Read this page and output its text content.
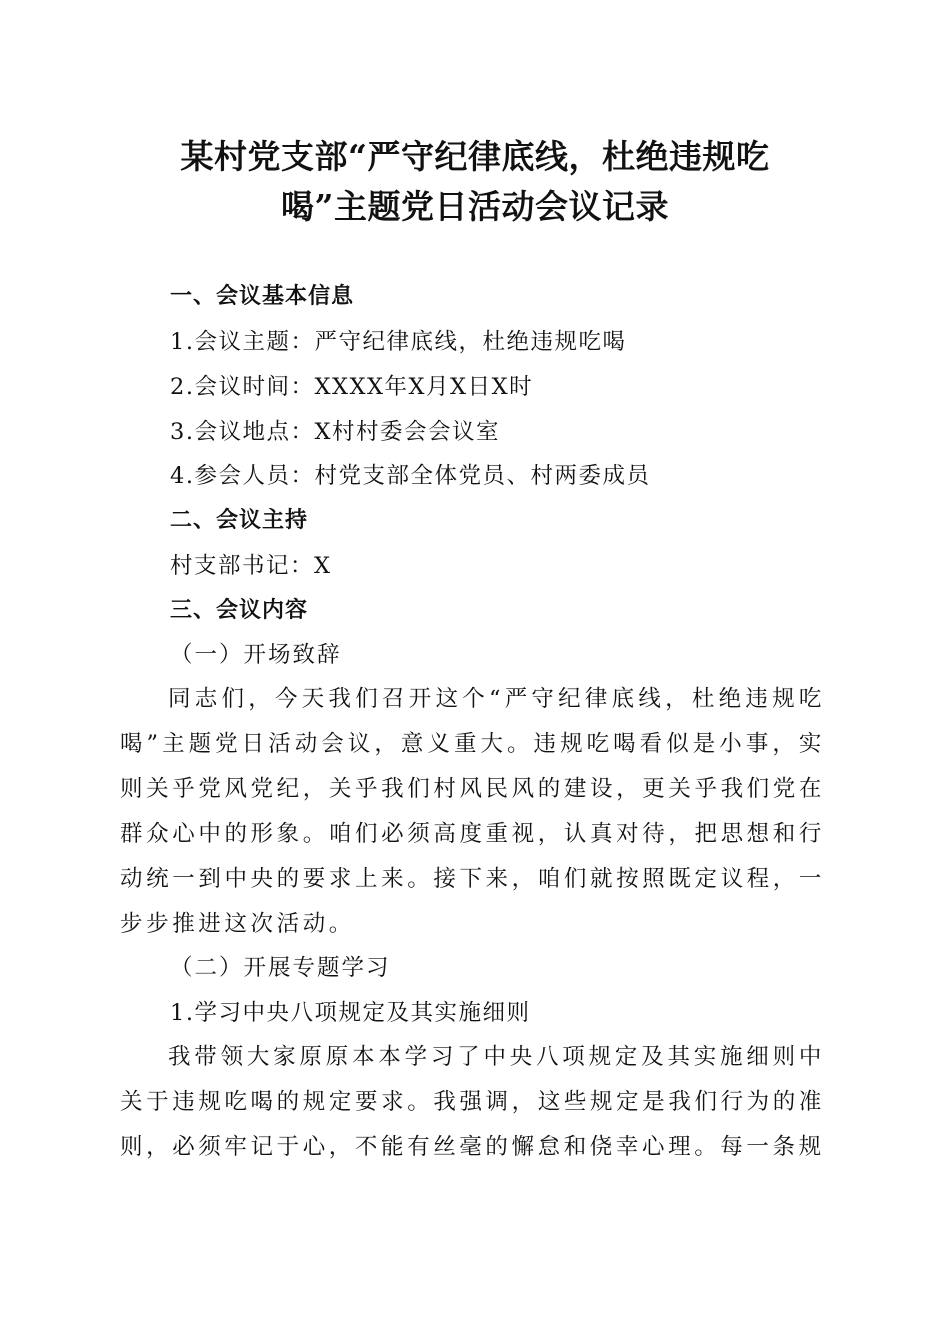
某村党支部“严守纪律底线，杜绝违规吃
喝”主题党日活动会议记录

一、会议基本信息

1.会议主题：严守纪律底线，杜绝违规吃喝

2.会议时间：XXXX年X月X日X时

3.会议地点：X村村委会会议室

4.参会人员：村党支部全体党员、村两委成员

二、会议主持

村支部书记：X

三、会议内容

（一）开场致辞

同志们，今天我们召开这个“严守纪律底线，杜绝违规吃喝”主题党日活动会议，意义重大。违规吃喝看似是小事，实则关乎党风党纪，关乎我们村风民风的建设，更关乎我们党在群众心中的形象。咱们必须高度重视，认真对待，把思想和行动统一到中央的要求上来。接下来，咱们就按照既定议程，一步步推进这次活动。

（二）开展专题学习

1.学习中央八项规定及其实施细则

我带领大家原原本本学习了中央八项规定及其实施细则中关于违规吃喝的规定要求。我强调，这些规定是我们行为的准则，必须牢记于心，不能有丝毫的懈怠和侥幸心理。每一条规
